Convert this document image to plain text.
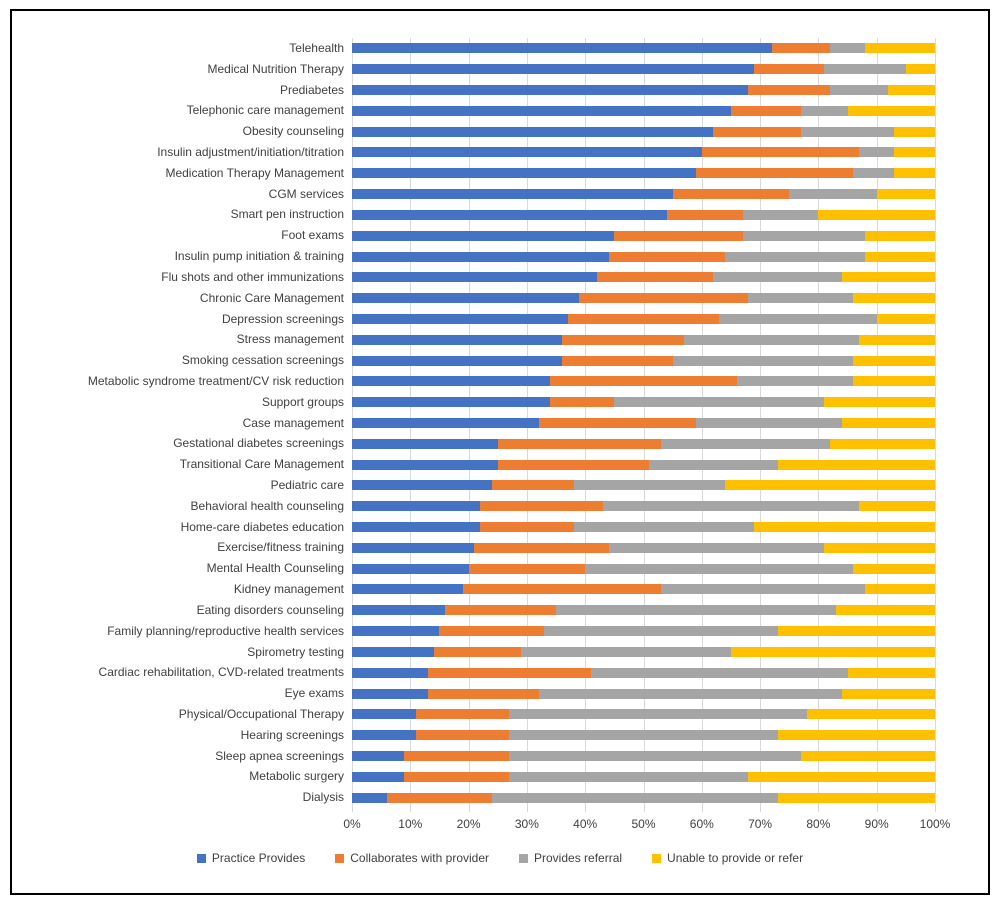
Telehealth
Medical Nutrition Therapy
Prediabetes
Telephonic care management
Obesity counseling
Insulin adjustment/initiation/titration
Medication Therapy Management
CGM services
Smart pen instruction
Foot exams
Insulin pump initiation & training
Flu shots and other immunizations
Chronic Care Management
Depression screenings
Stress management
Smoking cessation screenings
Metabolic syndrome treatment/CV risk reduction
Support groups
Case management
Gestational diabetes screenings
Transitional Care Management
Pediatric care
Behavioral health counseling
Home-care diabetes education
Exercise/fitness training
Mental Health Counseling
Kidney management
Eating disorders counseling
Family planning/reproductive health services
Spirometry testing
Cardiac rehabilitation, CVD-related treatments
Eye exams
Physical/Occupational Therapy
Hearing screenings
Sleep apnea screenings
Metabolic surgery
Dialysis
0%	10%	20%	30%	40%	50%	60%	70%	80%	90%	100%
Practice Provides	Collaborates with provider	Provides referral	Unable to provide or refer
